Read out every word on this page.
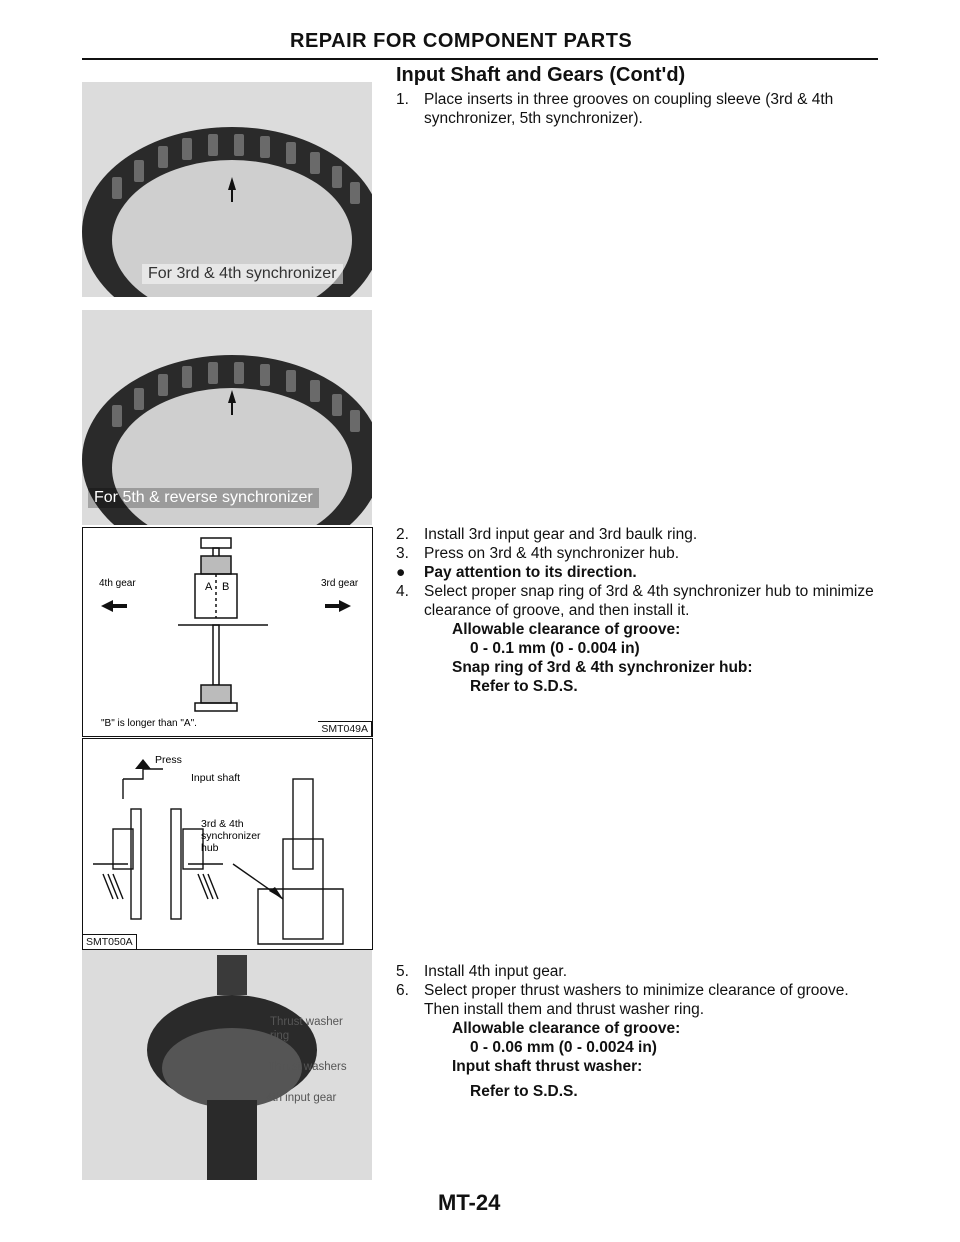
REPAIR FOR COMPONENT PARTS
Input Shaft and Gears (Cont'd)

1. Place inserts in three grooves on coupling sleeve (3rd & 4th synchronizer, 5th synchronizer).

2. Install 3rd input gear and 3rd baulk ring.

3. Press on 3rd & 4th synchronizer hub.

● Pay attention to its direction.

4. Select proper snap ring of 3rd & 4th synchronizer hub to minimize clearance of groove, and then install it.

Allowable clearance of groove:

0 - 0.1 mm (0 - 0.004 in)

Snap ring of 3rd & 4th synchronizer hub:

Refer to S.D.S.

5. Install 4th input gear.

6. Select proper thrust washers to minimize clearance of groove.

Then install them and thrust washer ring.

Allowable clearance of groove:

0 - 0.06 mm (0 - 0.0024 in)

Input shaft thrust washer:

Refer to S.D.S.

For 3rd & 4th synchronizer
For 5th & reverse synchronizer
A B
4th gear	3rd gear
"B" is longer than "A".	SMT049A
Press
Input shaft
3rd & 4th
synchronizer
hub
SMT050A
Thrust washer
ring
Thrust washers
4th input gear
MT-24
